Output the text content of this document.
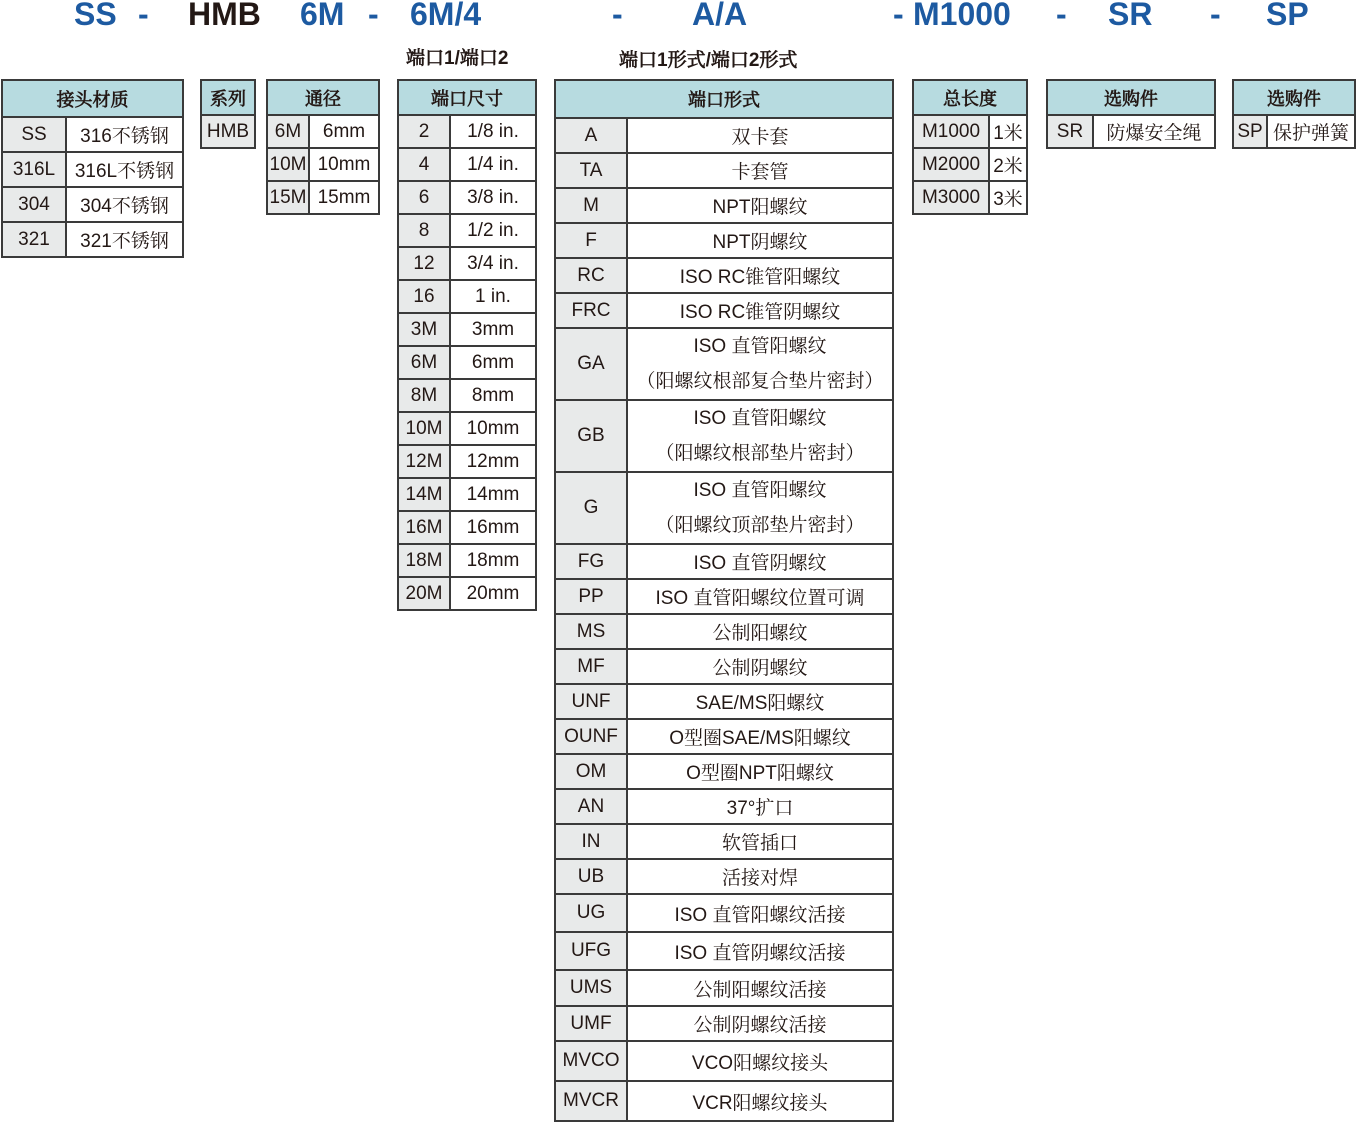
SS - HMB 6M - 6M/4	- A/A	- M1000 - SR - SP
端口1/端口2	端口1形式/端口2形式
接头材质	
SS	316不锈钢
316L	316L不锈钢
304	304不锈钢
321	321不锈钢
系列
HMB
通径	
6M	6mm
10M	10mm
15M	15mm
端口尺寸	
2	1/8 in.
4	1/4 in.
6	3/8 in.
8	1/2 in.
12	3/4 in.
16	1 in.
3M	3mm
6M	6mm
8M	8mm
10M	10mm
12M	12mm
14M	14mm
16M	16mm
18M	18mm
20M	20mm
端口形式	
A	双卡套
TA	卡套管
M	NPT阳螺纹
F	NPT阴螺纹
RC	ISO RC锥管阳螺纹
FRC	ISO RC锥管阴螺纹
GA	ISO 直管阳螺纹
（阳螺纹根部复合垫片密封）

GB	ISO 直管阳螺纹
（阳螺纹根部垫片密封）

G	ISO 直管阳螺纹
（阳螺纹顶部垫片密封）

FG	ISO 直管阴螺纹
PP	ISO 直管阳螺纹位置可调
MS	公制阳螺纹
MF	公制阴螺纹
UNF	SAE/MS阳螺纹
OUNF	O型圈SAE/MS阳螺纹
OM	O型圈NPT阳螺纹
AN	37°扩口
IN	软管插口
UB	活接对焊
UG	ISO 直管阳螺纹活接
UFG	ISO 直管阴螺纹活接
UMS	公制阳螺纹活接
UMF	公制阴螺纹活接
MVCO	VCO阳螺纹接头
MVCR	VCR阳螺纹接头
总长度	
M1000	1米
M2000	2米
M3000	3米
选购件
SR	防爆安全绳
选购件
SP	保护弹簧
